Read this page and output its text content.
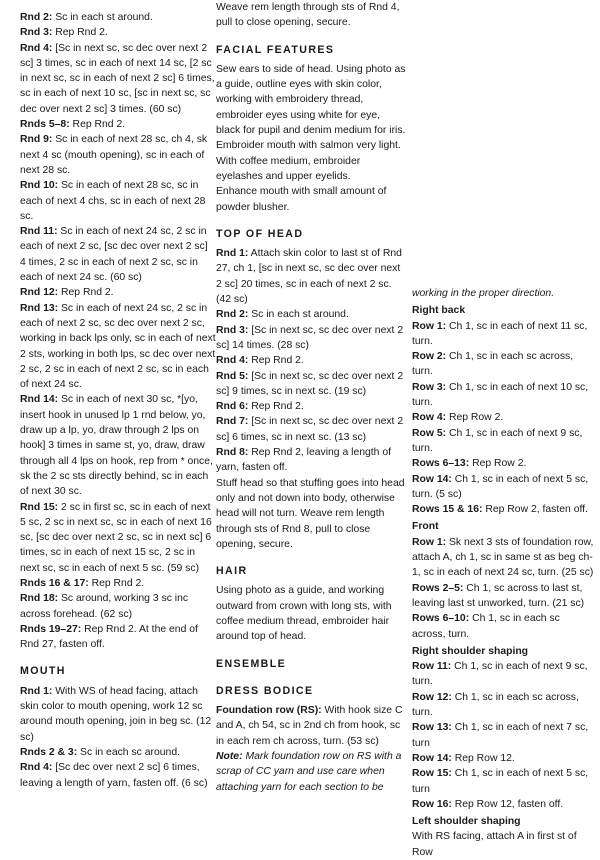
Rnd 2: Sc in each st around.

Rnd 3: Rep Rnd 2.

Rnd 4: [Sc in next sc, sc dec over next 2 sc] 3 times, sc in each of next 14 sc, [2 sc in next sc, sc in each of next 2 sc] 6 times, sc in each of next 10 sc, [sc in next sc, sc dec over next 2 sc] 3 times. (60 sc)

Rnds 5–8: Rep Rnd 2.

Rnd 9: Sc in each of next 28 sc, ch 4, sk next 4 sc (mouth opening), sc in each of next 28 sc.

Rnd 10: Sc in each of next 28 sc, sc in each of next 4 chs, sc in each of next 28 sc.

Rnd 11: Sc in each of next 24 sc, 2 sc in each of next 2 sc, [sc dec over next 2 sc] 4 times, 2 sc in each of next 2 sc, sc in each of next 24 sc. (60 sc)

Rnd 12: Rep Rnd 2.

Rnd 13: Sc in each of next 24 sc, 2 sc in each of next 2 sc, sc dec over next 2 sc, working in back lps only, sc in each of next 2 sts, working in both lps, sc dec over next 2 sc, 2 sc in each of next 2 sc, sc in each of next 24 sc.

Rnd 14: Sc in each of next 30 sc, *[yo, insert hook in unused lp 1 rnd below, yo, draw up a lp, yo, draw through 2 lps on hook] 3 times in same st, yo, draw, draw through all 4 lps on hook, rep from * once, sk the 2 sc sts directly behind, sc in each of next 30 sc.

Rnd 15: 2 sc in first sc, sc in each of next 5 sc, 2 sc in next sc, sc in each of next 16 sc, [sc dec over next 2 sc, sc in next sc] 6 times, sc in each of next 15 sc, 2 sc in next sc, sc in each of next 5 sc. (59 sc)

Rnds 16 & 17: Rep Rnd 2.

Rnd 18: Sc around, working 3 sc inc across forehead. (62 sc)

Rnds 19–27: Rep Rnd 2. At the end of Rnd 27, fasten off.

MOUTH

Rnd 1: With WS of head facing, attach skin color to mouth opening, work 12 sc around mouth opening, join in beg sc. (12 sc)

Rnds 2 & 3: Sc in each sc around.

Rnd 4: [Sc dec over next 2 sc] 6 times, leaving a length of yarn, fasten off. (6 sc)

Weave rem length through sts of Rnd 4, pull to close opening, secure.

FACIAL FEATURES

Sew ears to side of head. Using photo as a guide, outline eyes with skin color, working with embroidery thread, embroider eyes using white for eye, black for pupil and denim medium for iris. Embroider mouth with salmon very light. With coffee medium, embroider eyelashes and upper eyelids.

Enhance mouth with small amount of powder blusher.

TOP OF HEAD

Rnd 1: Attach skin color to last st of Rnd 27, ch 1, [sc in next sc, sc dec over next 2 sc] 20 times, sc in each of next 2 sc. (42 sc)

Rnd 2: Sc in each st around.

Rnd 3: [Sc in next sc, sc dec over next 2 sc] 14 times. (28 sc)

Rnd 4: Rep Rnd 2.

Rnd 5: [Sc in next sc, sc dec over next 2 sc] 9 times, sc in next sc. (19 sc)

Rnd 6: Rep Rnd 2.

Rnd 7: [Sc in next sc, sc dec over next 2 sc] 6 times, sc in next sc. (13 sc)

Rnd 8: Rep Rnd 2, leaving a length of yarn, fasten off.

Stuff head so that stuffing goes into head only and not down into body, otherwise head will not turn. Weave rem length through sts of Rnd 8, pull to close opening, secure.

HAIR

Using photo as a guide, and working outward from crown with long sts, with coffee medium thread, embroider hair around top of head.

ENSEMBLE
DRESS BODICE

Foundation row (RS): With hook size C and A, ch 54, sc in 2nd ch from hook, sc in each rem ch across, turn. (53 sc)

Note: Mark foundation row on RS with a scrap of CC yarn and use care when attaching yarn for each section to be

working in the proper direction.

Right back

Row 1: Ch 1, sc in each of next 11 sc, turn.

Row 2: Ch 1, sc in each sc across, turn.

Row 3: Ch 1, sc in each of next 10 sc, turn.

Row 4: Rep Row 2.

Row 5: Ch 1, sc in each of next 9 sc, turn.

Rows 6–13: Rep Row 2.

Row 14: Ch 1, sc in each of next 5 sc, turn. (5 sc)

Rows 15 & 16: Rep Row 2, fasten off.

Front

Row 1: Sk next 3 sts of foundation row, attach A, ch 1, sc in same st as beg ch-1, sc in each of next 24 sc, turn. (25 sc)

Rows 2–5: Ch 1, sc across to last st, leaving last st unworked, turn. (21 sc)

Rows 6–10: Ch 1, sc in each sc across, turn.

Right shoulder shaping

Row 11: Ch 1, sc in each of next 9 sc, turn.

Row 12: Ch 1, sc in each sc across, turn.

Row 13: Ch 1, sc in each of next 7 sc, turn

Row 14: Rep Row 12.

Row 15: Ch 1, sc in each of next 5 sc, turn

Row 16: Rep Row 12, fasten off.

Left shoulder shaping

With RS facing, attach A in first st of Row
